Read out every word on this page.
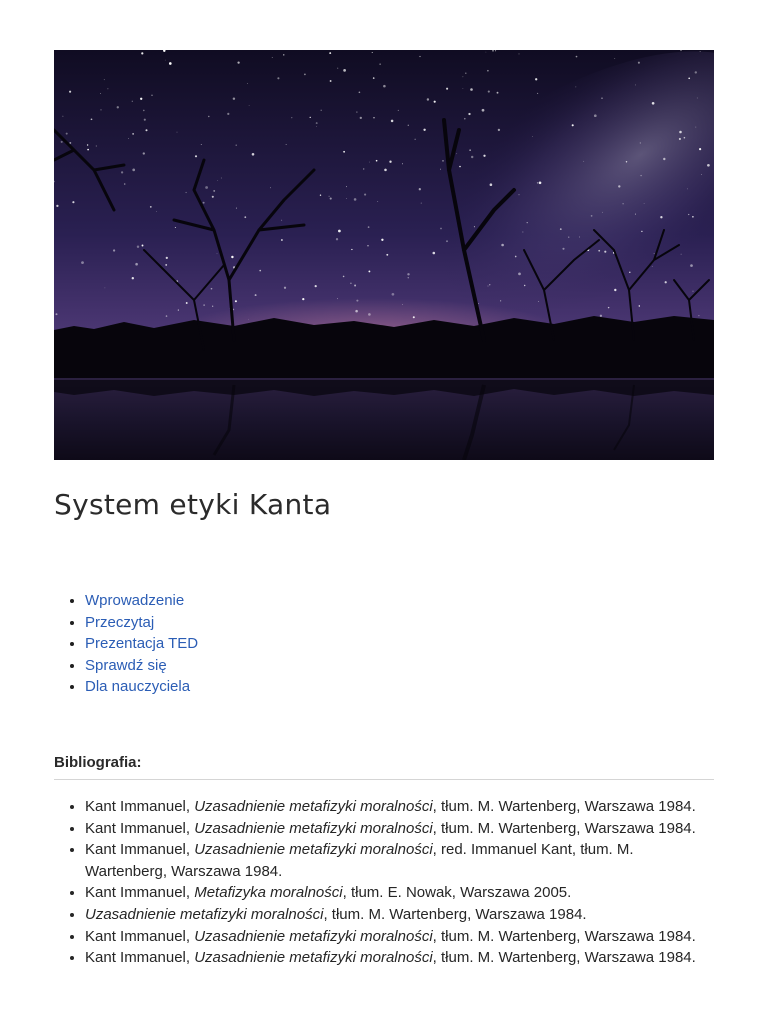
System etyki Kanta
• Wprowadzenie
• Przeczytaj
• Prezentacja TED
• Sprawdź się
• Dla nauczyciela
Bibliografia:
• Kant Immanuel, Uzasadnienie metafizyki moralności, tłum. M. Wartenberg, Warszawa 1984.
• Kant Immanuel, Uzasadnienie metafizyki moralności, tłum. M. Wartenberg, Warszawa 1984.
• Kant Immanuel, Uzasadnienie metafizyki moralności, red. Immanuel Kant, tłum. M. Wartenberg, Warszawa 1984.
• Kant Immanuel, Metafizyka moralności, tłum. E. Nowak, Warszawa 2005.
• Uzasadnienie metafizyki moralności, tłum. M. Wartenberg, Warszawa 1984.
• Kant Immanuel, Uzasadnienie metafizyki moralności, tłum. M. Wartenberg, Warszawa 1984.
• Kant Immanuel, Uzasadnienie metafizyki moralności, tłum. M. Wartenberg, Warszawa 1984.
